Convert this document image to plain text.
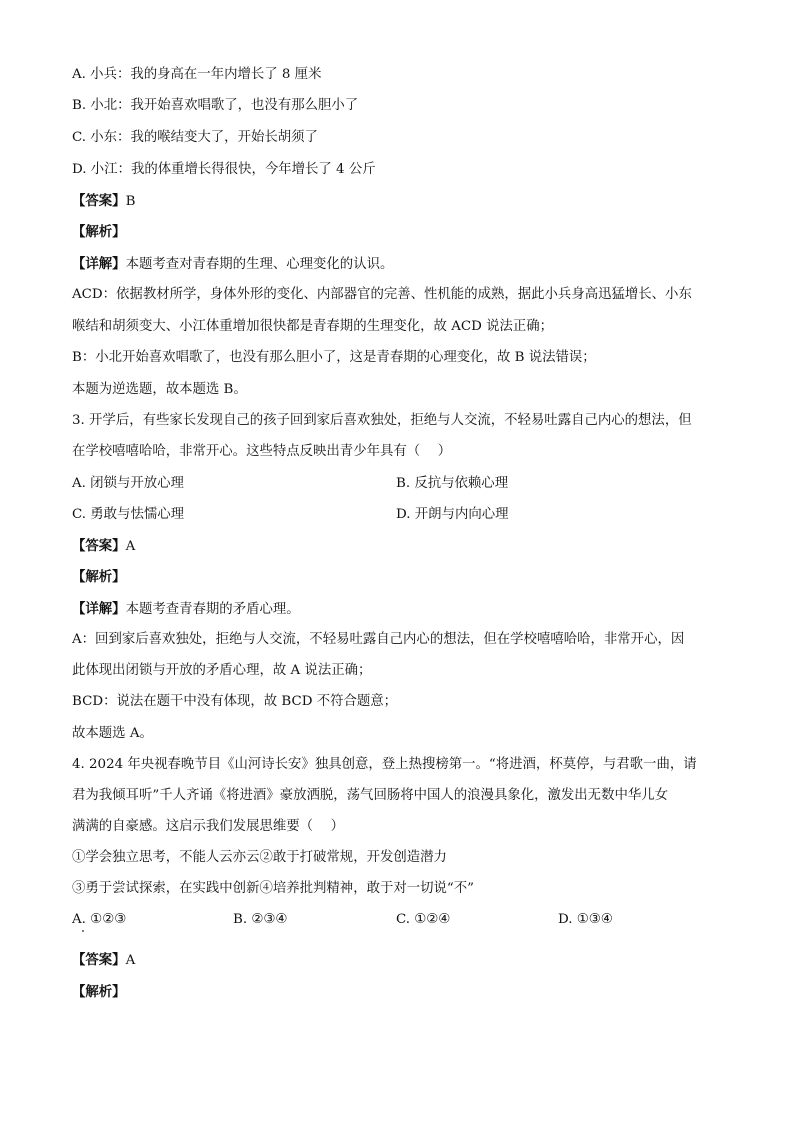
A. 小兵：我的身高在一年内增长了 8 厘米
B. 小北：我开始喜欢唱歌了，也没有那么胆小了
C. 小东：我的喉结变大了，开始长胡须了
D. 小江：我的体重增长得很快，今年增长了 4 公斤
【答案】B
【解析】
【详解】本题考查对青春期的生理、心理变化的认识。
ACD：依据教材所学，身体外形的变化、内部器官的完善、性机能的成熟，据此小兵身高迅猛增长、小东
喉结和胡须变大、小江体重增加很快都是青春期的生理变化，故 ACD 说法正确；
B：小北开始喜欢唱歌了，也没有那么胆小了，这是青春期的心理变化，故 B 说法错误；
本题为逆选题，故本题选 B。
3. 开学后，有些家长发现自己的孩子回到家后喜欢独处，拒绝与人交流，不轻易吐露自己内心的想法，但
在学校嘻嘻哈哈，非常开心。这些特点反映出青少年具有（　 ）
A. 闭锁与开放心理	B. 反抗与依赖心理
C. 勇敢与怯懦心理	D. 开朗与内向心理
【答案】A
【解析】
【详解】本题考查青春期的矛盾心理。
A：回到家后喜欢独处，拒绝与人交流，不轻易吐露自己内心的想法，但在学校嘻嘻哈哈，非常开心，因
此体现出闭锁与开放的矛盾心理，故 A 说法正确；
BCD：说法在题干中没有体现，故 BCD 不符合题意；
故本题选 A。
4. 2024 年央视春晚节目《山河诗长安》独具创意，登上热搜榜第一。“将进酒，杯莫停，与君歌一曲，请
君为我倾耳听”千人齐诵《将进酒》豪放洒脱，荡气回肠将中国人的浪漫具象化，激发出无数中华儿女
满满的自豪感。这启示我们发展思维要（　 ）
①学会独立思考，不能人云亦云②敢于打破常规，开发创造潜力
③勇于尝试探索，在实践中创新④培养批判精神，敢于对一切说“不”
A. ①②③	B. ②③④	C. ①②④	D. ①③④
【答案】A
【解析】
